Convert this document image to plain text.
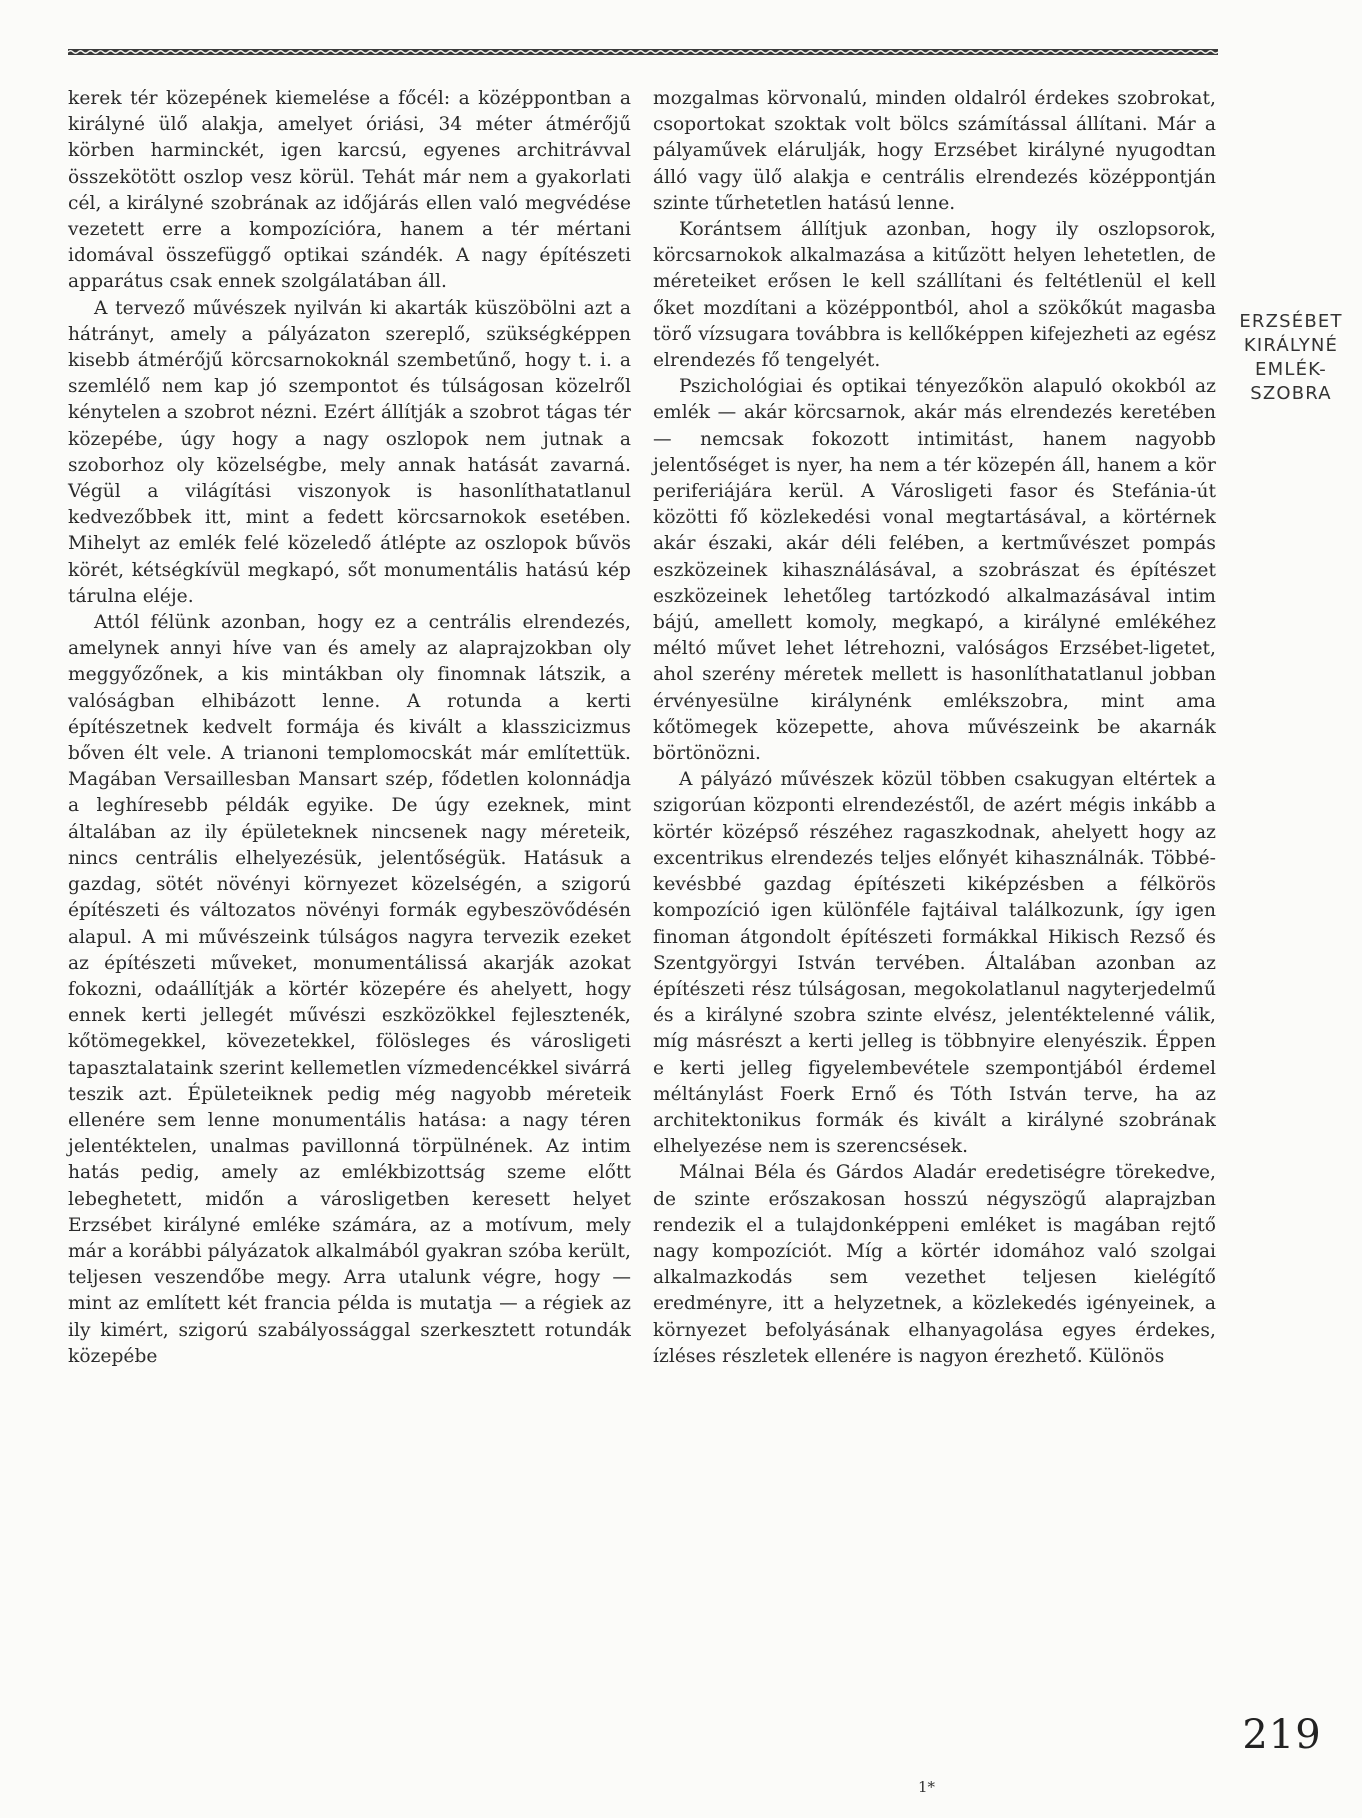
kerek tér közepének kiemelése a főcél: a középpontban a királyné ülő alakja, amelyet óriási, 34 méter átmérőjű körben harminckét, igen karcsú, egyenes architrávval összekötött oszlop vesz körül. Tehát már nem a gyakorlati cél, a királyné szobrának az időjárás ellen való megvédése vezetett erre a kompozícióra, hanem a tér mértani idomával összefüggő optikai szándék. A nagy építészeti apparátus csak ennek szolgálatában áll.

A tervező művészek nyilván ki akarták küszöbölni azt a hátrányt, amely a pályázaton szereplő, szükségképpen kisebb átmérőjű körcsarnokoknál szembetűnő, hogy t. i. a szemlélő nem kap jó szempontot és túlságosan közelről kénytelen a szobrot nézni. Ezért állítják a szobrot tágas tér közepébe, úgy hogy a nagy oszlopok nem jutnak a szoborhoz oly közelségbe, mely annak hatását zavarná. Végül a világítási viszonyok is hasonlíthatatlanul kedvezőbbek itt, mint a fedett körcsarnokok esetében. Mihelyt az emlék felé közeledő átlépte az oszlopok bűvös körét, kétségkívül megkapó, sőt monumentális hatású kép tárulna eléje.

Attól félünk azonban, hogy ez a centrális elrendezés, amelynek annyi híve van és amely az alaprajzokban oly meggyőzőnek, a kis mintákban oly finomnak látszik, a valóságban elhibázott lenne. A rotunda a kerti építészetnek kedvelt formája és kivált a klasszicizmus bőven élt vele. A trianoni templomocskát már említettük. Magában Versaillesban Mansart szép, fődetlen kolonnádja a leghíresebb példák egyike. De úgy ezeknek, mint általában az ily épületeknek nincsenek nagy méreteik, nincs centrális elhelyezésük, jelentőségük. Hatásuk a gazdag, sötét növényi környezet közelségén, a szigorú építészeti és változatos növényi formák egybeszövődésén alapul. A mi művészeink túlságos nagyra tervezik ezeket az építészeti műveket, monumentálissá akarják azokat fokozni, odaállítják a körtér közepére és ahelyett, hogy ennek kerti jellegét művészi eszközökkel fejlesztenék, kőtömegekkel, kövezetekkel, fölösleges és városligeti tapasztalataink szerint kellemetlen vízmedencékkel sivárrá teszik azt. Épületeiknek pedig még nagyobb méreteik ellenére sem lenne monumentális hatása: a nagy téren jelentéktelen, unalmas pavillonná törpülnének. Az intim hatás pedig, amely az emlékbizottság szeme előtt lebeghetett, midőn a városligetben keresett helyet Erzsébet királyné emléke számára, az a motívum, mely már a korábbi pályázatok alkalmából gyakran szóba került, teljesen veszendőbe megy. Arra utalunk végre, hogy — mint az említett két francia példa is mutatja — a régiek az ily kimért, szigorú szabályossággal szerkesztett rotundák közepébe

mozgalmas körvonalú, minden oldalról érdekes szobrokat, csoportokat szoktak volt bölcs számítással állítani. Már a pályaművek elárulják, hogy Erzsébet királyné nyugodtan álló vagy ülő alakja e centrális elrendezés középpontján szinte tűrhetetlen hatású lenne.

Korántsem állítjuk azonban, hogy ily oszlopsorok, körcsarnokok alkalmazása a kitűzött helyen lehetetlen, de méreteiket erősen le kell szállítani és feltétlenül el kell őket mozdítani a középpontból, ahol a szökőkút magasba törő vízsugara továbbra is kellőképpen kifejezheti az egész elrendezés fő tengelyét.

Pszichológiai és optikai tényezőkön alapuló okokból az emlék — akár körcsarnok, akár más elrendezés keretében — nemcsak fokozott intimitást, hanem nagyobb jelentőséget is nyer, ha nem a tér közepén áll, hanem a kör periferiájára kerül. A Városligeti fasor és Stefánia-út közötti fő közlekedési vonal megtartásával, a körtérnek akár északi, akár déli felében, a kertművészet pompás eszközeinek kihasználásával, a szobrászat és építészet eszközeinek lehetőleg tartózkodó alkalmazásával intim bájú, amellett komoly, megkapó, a királyné emlékéhez méltó művet lehet létrehozni, valóságos Erzsébet-ligetet, ahol szerény méretek mellett is hasonlíthatatlanul jobban érvényesülne királynénk emlékszobra, mint ama kőtömegek közepette, ahova művészeink be akarnák börtönözni.

A pályázó művészek közül többen csakugyan eltértek a szigorúan központi elrendezéstől, de azért mégis inkább a körtér középső részéhez ragaszkodnak, ahelyett hogy az excentrikus elrendezés teljes előnyét kihasználnák. Többé-kevésbbé gazdag építészeti kiképzésben a félkörös kompozíció igen különféle fajtáival találkozunk, így igen finoman átgondolt építészeti formákkal Hikisch Rezső és Szentgyörgyi István tervében. Általában azonban az építészeti rész túlságosan, megokolatlanul nagyterjedelmű és a királyné szobra szinte elvész, jelentéktelenné válik, míg másrészt a kerti jelleg is többnyire elenyészik. Éppen e kerti jelleg figyelembevétele szempontjából érdemel méltánylást Foerk Ernő és Tóth István terve, ha az architektonikus formák és kivált a királyné szobrának elhelyezése nem is szerencsések.

Málnai Béla és Gárdos Aladár eredetiségre törekedve, de szinte erőszakosan hosszú négyszögű alaprajzban rendezik el a tulajdonképpeni emléket is magában rejtő nagy kompozíciót. Míg a körtér idomához való szolgai alkalmazkodás sem vezethet teljesen kielégítő eredményre, itt a helyzetnek, a közlekedés igényeinek, a környezet befolyásának elhanyagolása egyes érdekes, ízléses részletek ellenére is nagyon érezhető. Különös

ERZSÉBET
KIRÁLYNÉ
EMLÉK-
SZOBRA
219
1*
